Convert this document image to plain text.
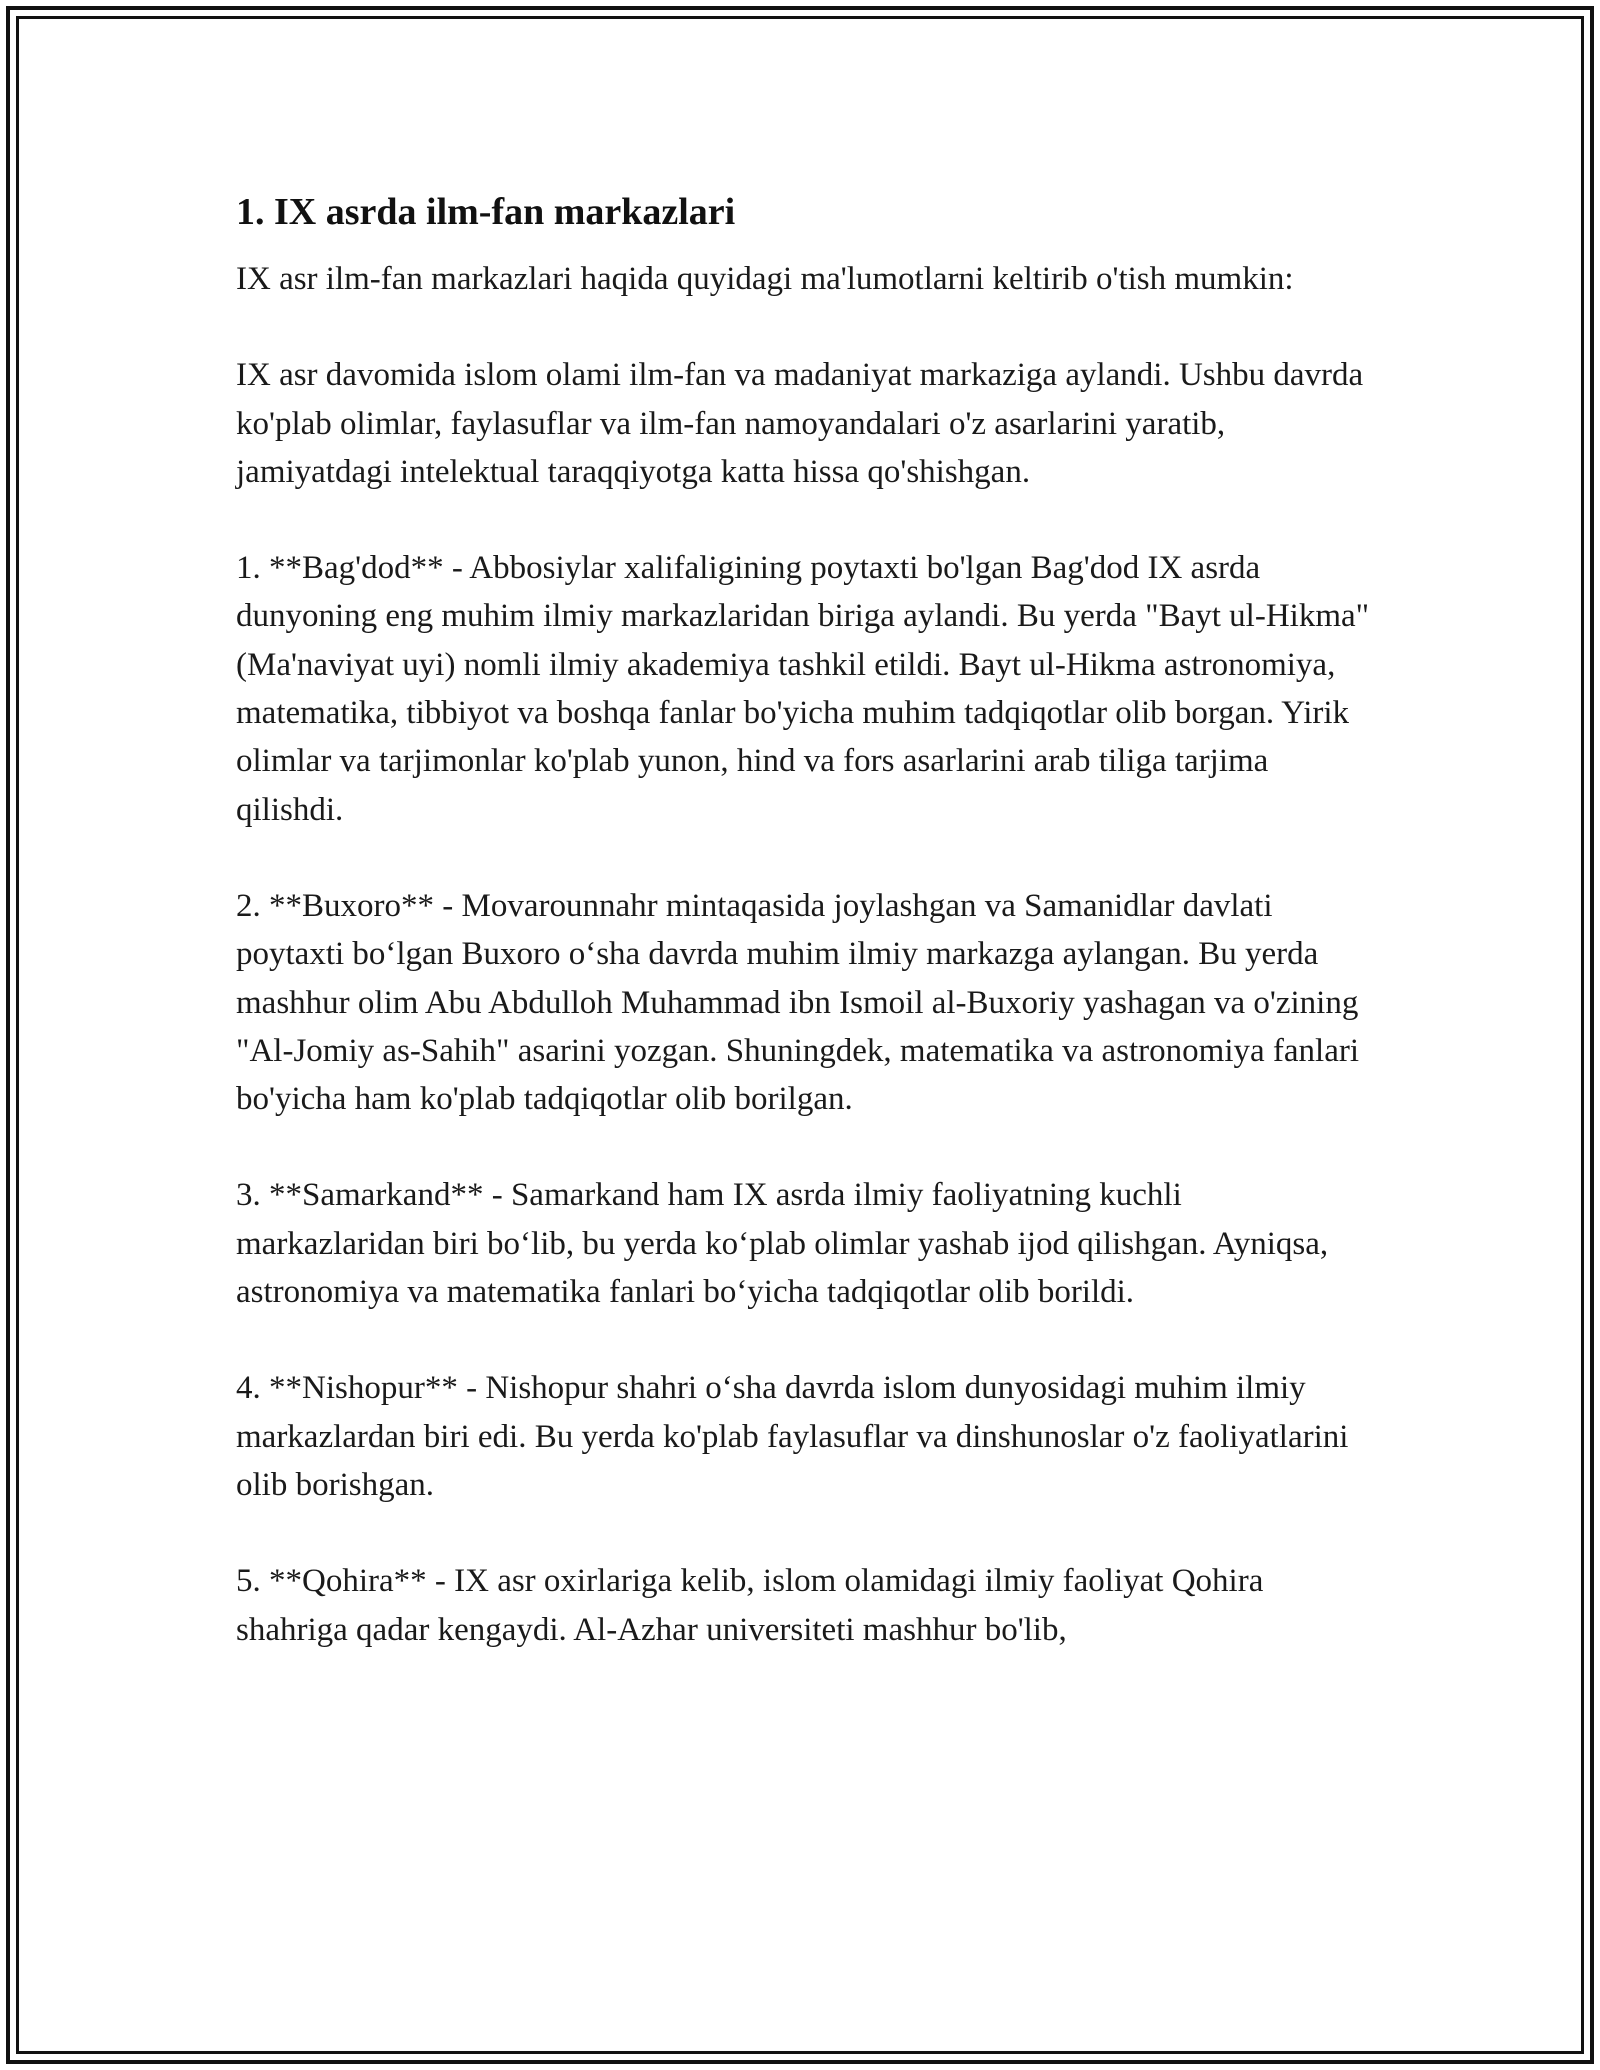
1. IX asrda ilm-fan markazlari

IX asr ilm-fan markazlari haqida quyidagi ma'lumotlarni keltirib o'tish mumkin:

IX asr davomida islom olami ilm-fan va madaniyat markaziga aylandi. Ushbu davrda ko'plab olimlar, faylasuflar va ilm-fan namoyandalari o'z asarlarini yaratib, jamiyatdagi intelektual taraqqiyotga katta hissa qo'shishgan.

1. **Bag'dod** - Abbosiylar xalifaligining poytaxti bo'lgan Bag'dod IX asrda dunyoning eng muhim ilmiy markazlaridan biriga aylandi. Bu yerda "Bayt ul-Hikma" (Ma'naviyat uyi) nomli ilmiy akademiya tashkil etildi. Bayt ul-Hikma astronomiya, matematika, tibbiyot va boshqa fanlar bo'yicha muhim tadqiqotlar olib borgan. Yirik olimlar va tarjimonlar ko'plab yunon, hind va fors asarlarini arab tiliga tarjima qilishdi.

2. **Buxoro** - Movarounnahr mintaqasida joylashgan va Samanidlar davlati poytaxti bo‘lgan Buxoro o‘sha davrda muhim ilmiy markazga aylangan. Bu yerda mashhur olim Abu Abdulloh Muhammad ibn Ismoil al-Buxoriy yashagan va o'zining "Al-Jomiy as-Sahih" asarini yozgan. Shuningdek, matematika va astronomiya fanlari bo'yicha ham ko'plab tadqiqotlar olib borilgan.

3. **Samarkand** - Samarkand ham IX asrda ilmiy faoliyatning kuchli markazlaridan biri bo‘lib, bu yerda ko‘plab olimlar yashab ijod qilishgan. Ayniqsa, astronomiya va matematika fanlari bo‘yicha tadqiqotlar olib borildi.

4. **Nishopur** - Nishopur shahri o‘sha davrda islom dunyosidagi muhim ilmiy markazlardan biri edi. Bu yerda ko'plab faylasuflar va dinshunoslar o'z faoliyatlarini olib borishgan.

5. **Qohira** - IX asr oxirlariga kelib, islom olamidagi ilmiy faoliyat Qohira shahriga qadar kengaydi. Al-Azhar universiteti mashhur bo'lib,
